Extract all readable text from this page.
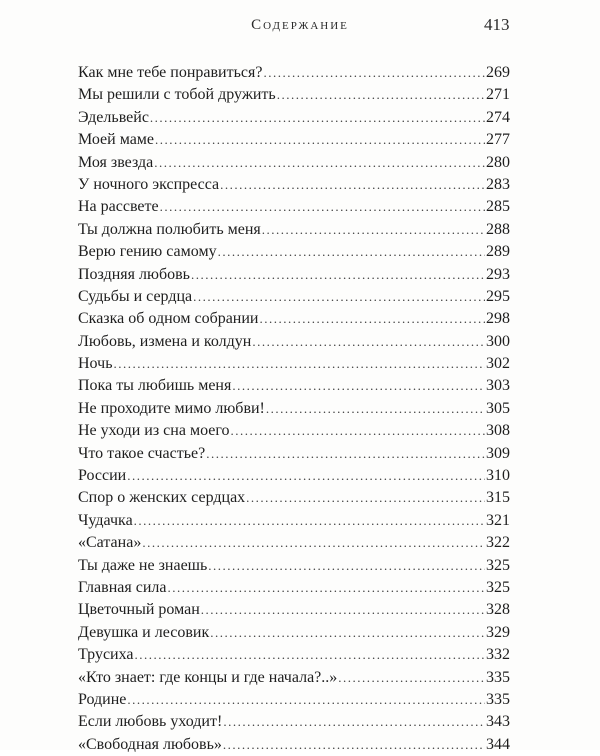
Содержание	413
Как мне тебе понравиться? .....	269
Мы решили с тобой дружить .....	271
Эдельвейс .....	274
Моей маме .....	277
Моя звезда .....	280
У ночного экспресса .....	283
На рассвете .....	285
Ты должна полюбить меня .....	288
Верю гению самому .....	289
Поздняя любовь .....	293
Судьбы и сердца .....	295
Сказка об одном собрании .....	298
Любовь, измена и колдун .....	300
Ночь .....	302
Пока ты любишь меня .....	303
Не проходите мимо любви! .....	305
Не уходи из сна моего .....	308
Что такое счастье? .....	309
России .....	310
Спор о женских сердцах .....	315
Чудачка .....	321
«Сатана» .....	322
Ты даже не знаешь .....	325
Главная сила .....	325
Цветочный роман .....	328
Девушка и лесовик .....	329
Трусиха .....	332
«Кто знает: где концы и где начала?..» .....	335
Родине .....	335
Если любовь уходит! .....	343
«Свободная любовь» .....	344
